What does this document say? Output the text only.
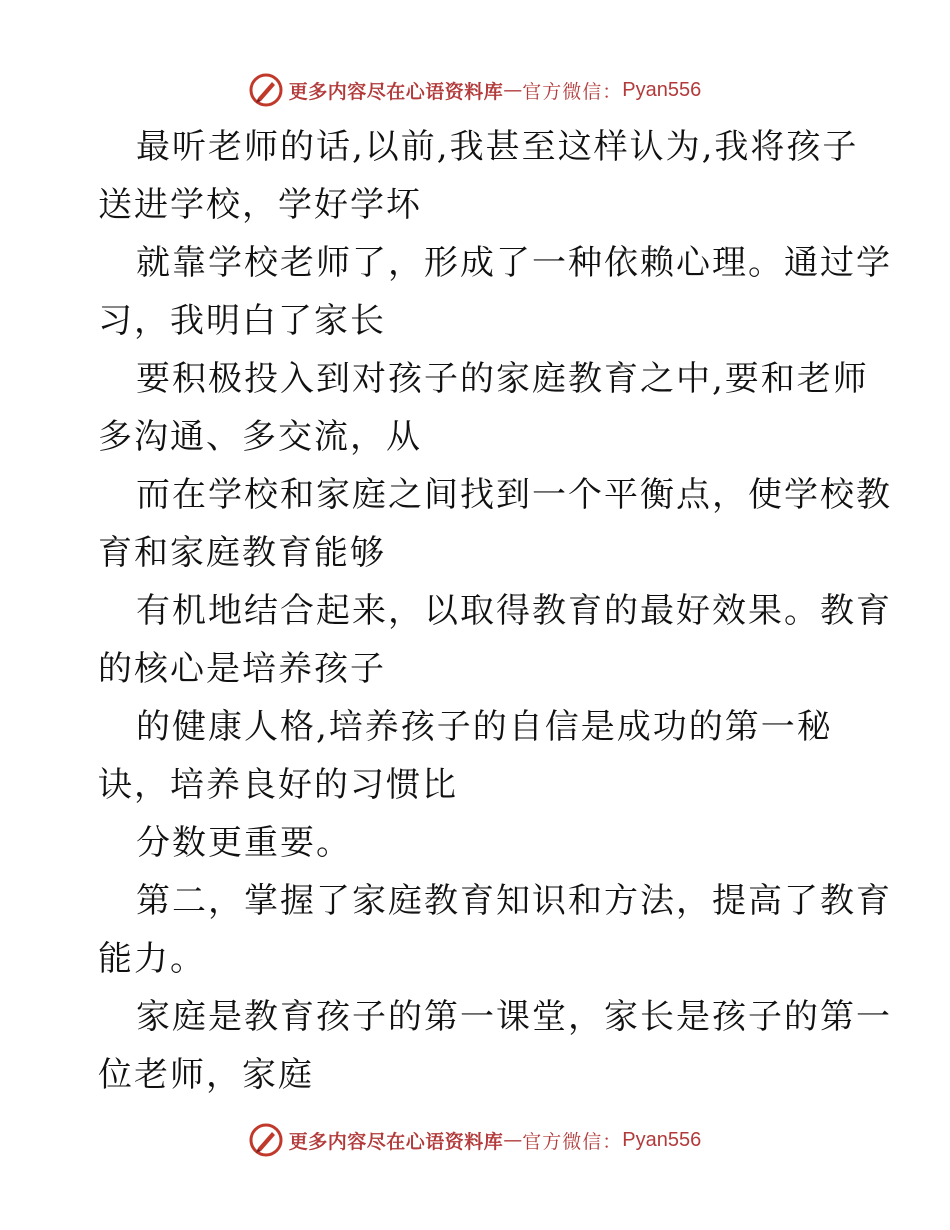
更多内容尽在心语资料库 — 官方微信： Pyan556
最听老师的话,以前,我甚至这样认为,我将孩子
送进学校，学好学坏
就靠学校老师了，形成了一种依赖心理。通过学
习，我明白了家长
要积极投入到对孩子的家庭教育之中,要和老师
多沟通、多交流，从
而在学校和家庭之间找到一个平衡点，使学校教
育和家庭教育能够
有机地结合起来，以取得教育的最好效果。教育
的核心是培养孩子
的健康人格,培养孩子的自信是成功的第一秘
诀，培养良好的习惯比
分数更重要。
第二，掌握了家庭教育知识和方法，提高了教育
能力。
家庭是教育孩子的第一课堂，家长是孩子的第一
位老师，家庭
更多内容尽在心语资料库 — 官方微信： Pyan556
